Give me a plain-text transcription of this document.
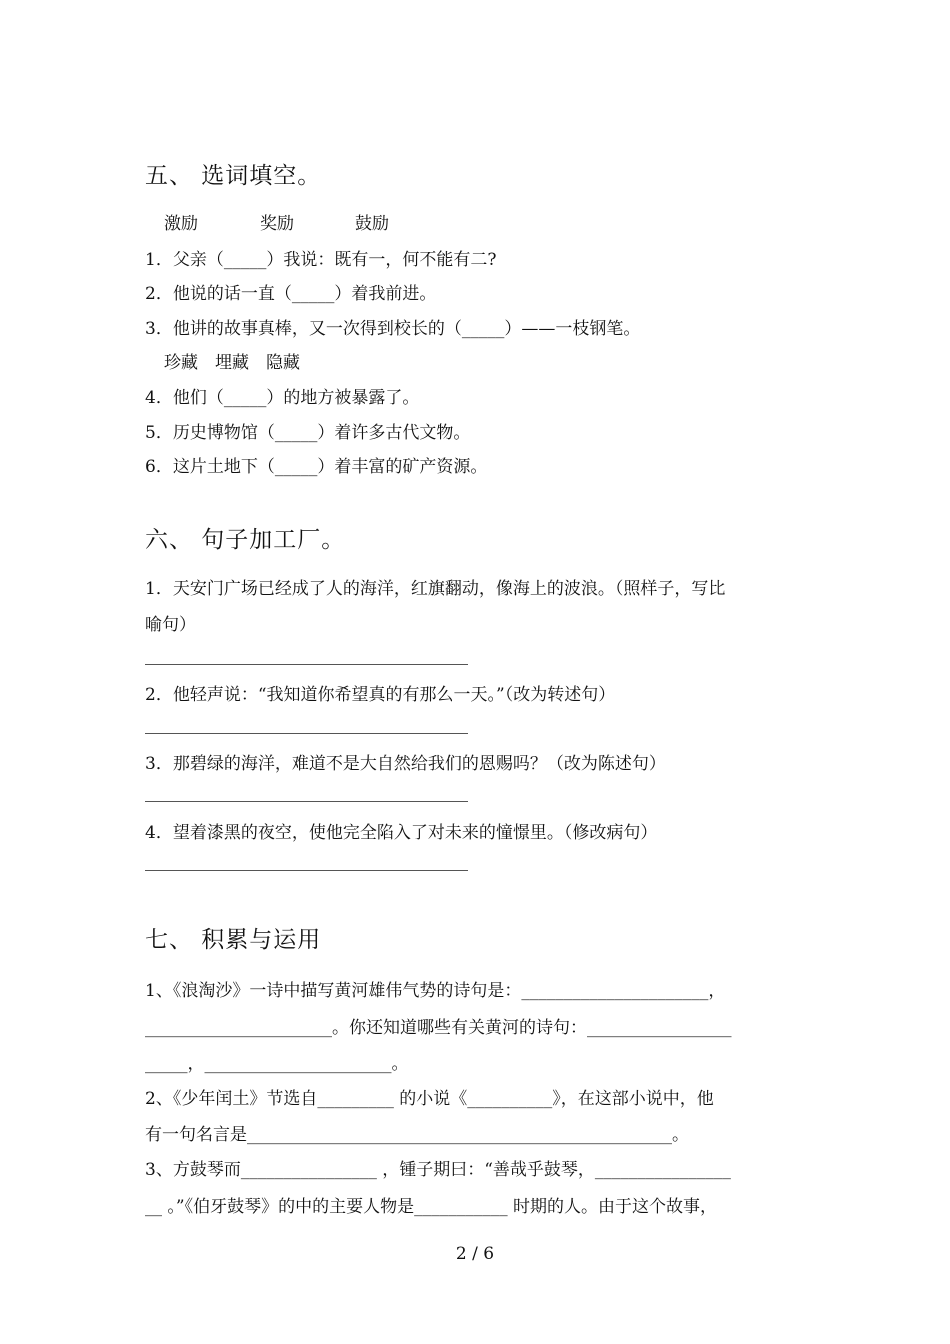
五、 选词填空。
激励	奖励	鼓励
1．父亲（_____）我说：既有一，何不能有二?
2．他说的话一直（_____）着我前进。
3．他讲的故事真棒，又一次得到校长的（_____）——一枝钢笔。
珍藏　埋藏　隐藏
4．他们（_____）的地方被暴露了。
5．历史博物馆（_____）着许多古代文物。
6．这片土地下（_____）着丰富的矿产资源。
六、 句子加工厂。
1．天安门广场已经成了人的海洋，红旗翻动，像海上的波浪。（照样子，写比
喻句）
2．他轻声说：“我知道你希望真的有那么一天。”（改为转述句）
3．那碧绿的海洋，难道不是大自然给我们的恩赐吗？（改为陈述句）
4．望着漆黑的夜空，使他完全陷入了对未来的憧憬里。（修改病句）
七、 积累与运用
1、《浪淘沙》一诗中描写黄河雄伟气势的诗句是：______________________，
______________________。你还知道哪些有关黄河的诗句：_________________
_____，______________________。
2、《少年闰土》节选自_________ 的小说《__________》，在这部小说中，他
有一句名言是__________________________________________________。
3、方鼓琴而________________ ，锺子期曰：“善哉乎鼓琴，________________
__ 。”《伯牙鼓琴》的中的主要人物是___________ 时期的人。由于这个故事，
2 / 6
